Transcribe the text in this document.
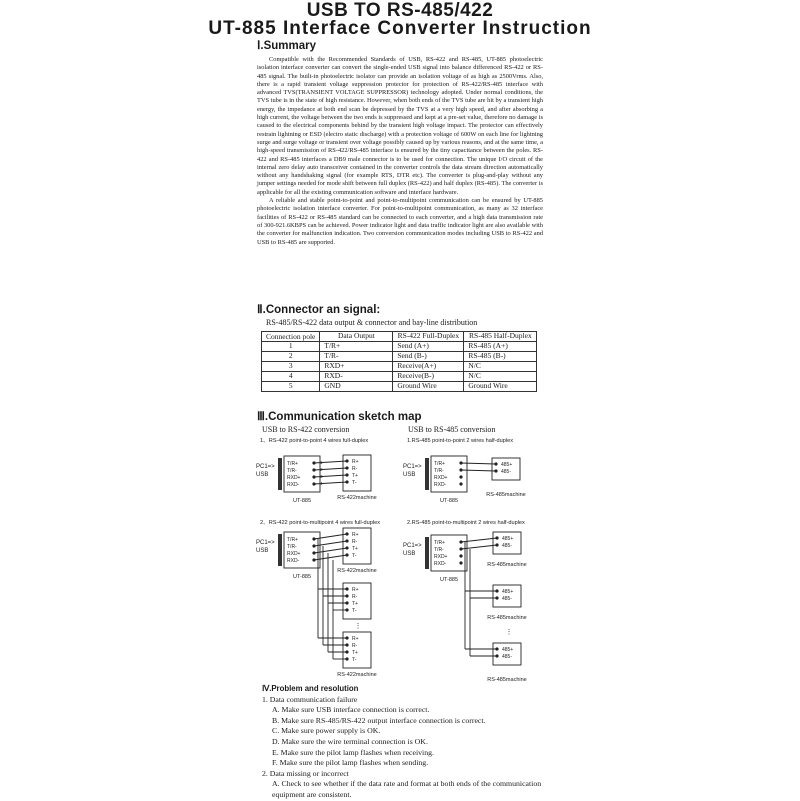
USB TO RS-485/422
UT-885 Interface Converter Instruction
Ⅰ.Summary

Compatible with the Recommended Standards of USB, RS-422 and RS-485, UT-885 photoelectric isolation interface converter can convert the single-ended USB signal into balance differenced RS-422 or RS-485 signal. The built-in photoelectric isolator can provide an isolation voltage of as high as 2500Vrms. Also, there is a rapid transient voltage suppression protector for protection of RS-422/RS-485 interface with advanced TVS(TRANSIENT VOLTAGE SUPPRESSOR) technology adopted. Under normal conditions, the TVS tube is in the state of high resistance. However, when both ends of the TVS tube are hit by a transient high energy, the impedance at both end scan be depressed by the TVS at a very high speed, and after absorbing a high current, the voltage between the two ends is suppressed and kept at a pre-set value, therefore no damage is caused to the electrical components behind by the transient high voltage impact. The protector can effectively restrain lightning or ESD (electro static discharge) with a protection voltage of 600W on each line for lightning surge and surge voltage or transient over voltage possibly caused up by various reasons, and at the same time, a high-speed transmission of RS-422/RS-485 interface is ensured by the tiny capacitance between the poles. RS-422 and RS-485 interfaces a DB9 male connector is to be used for connection. The unique I/O circuit of the internal zero delay auto transceiver contained in the converter controls the data stream direction automatically without any handshaking signal (for example RTS, DTR etc). The converter is plug-and-play without any jumper settings needed for mode shift between full duplex (RS-422) and half duplex (RS-485). The converter is applicable for all the existing communication software and interface hardware.

A reliable and stable point-to-point and point-to-multipoint communication can be ensured by UT-885 photoelectric isolation interface converter. For point-to-multipoint communication, as many as 32 interface facilities of RS-422 or RS-485 standard can be connected to each converter, and a high data transmission rate of 300-921.6KBPS can be achieved. Power indicator light and data traffic indicator light are also available with the converter for malfunction indication. Two conversion communication modes including USB to RS-422 and USB to RS-485 are supported.

Ⅱ.Connector an signal:
RS-485/RS-422 data output & connector and bay-line distribution
Connection pole	Data Output	RS-422 Full-Duplex	RS-485 Half-Duplex
1	T/R+	Send (A+)	RS-485 (A+)
2	T/R-	Send (B-)	RS-485 (B-)
3	RXD+	Receive(A+)	N/C
4	RXD-	Receive(B-)	N/C
5	GND	Ground Wire	Ground Wire
Ⅲ.Communication sketch map
USB to RS-422 conversion	USB to RS-485 conversion
1、RS-422 point-to-point 4 wires full-duplex	1.RS-485 point-to-point 2 wires half-duplex
2、RS-422 point-to-multipoint 4 wires full-duplex	2.RS-485 point-to-multipoint 2 wires half-duplex
PC1=>
USB
T/R+
T/R-
RXD+
RXD-
UT-885
R+
R-
T+
T-
RS-422machine
PC1=>
USB
T/R+
T/R-
RXD+
RXD-
UT-885
485+
485-
RS-485machine
PC1=>
USB
T/R+
T/R-
RXD+
RXD-
UT-885
R+
R-
T+
T-
RS-422machine
R+
R-
T+
T-
R+
R-
T+
T-
RS-422machine
⋮
PC1=>
USB
T/R+
T/R-
RXD+
RXD-
UT-885
485+
485-
RS-485machine
485+
485-
RS-485machine
485+
485-
RS-485machine
⋮
Ⅳ.Problem and resolution
1. Data communication failure
A. Make sure USB interface connection is correct.
B. Make sure RS-485/RS-422 output interface connection is correct.
C. Make sure power supply is OK.
D. Make sure the wire terminal connection is OK.
E. Make sure the pilot lamp flashes when receiving.
F. Make sure the pilot lamp flashes when sending.
2. Data missing or incorrect
A. Check to see whether if the data rate and format at both ends of the communication equipment are consistent.
